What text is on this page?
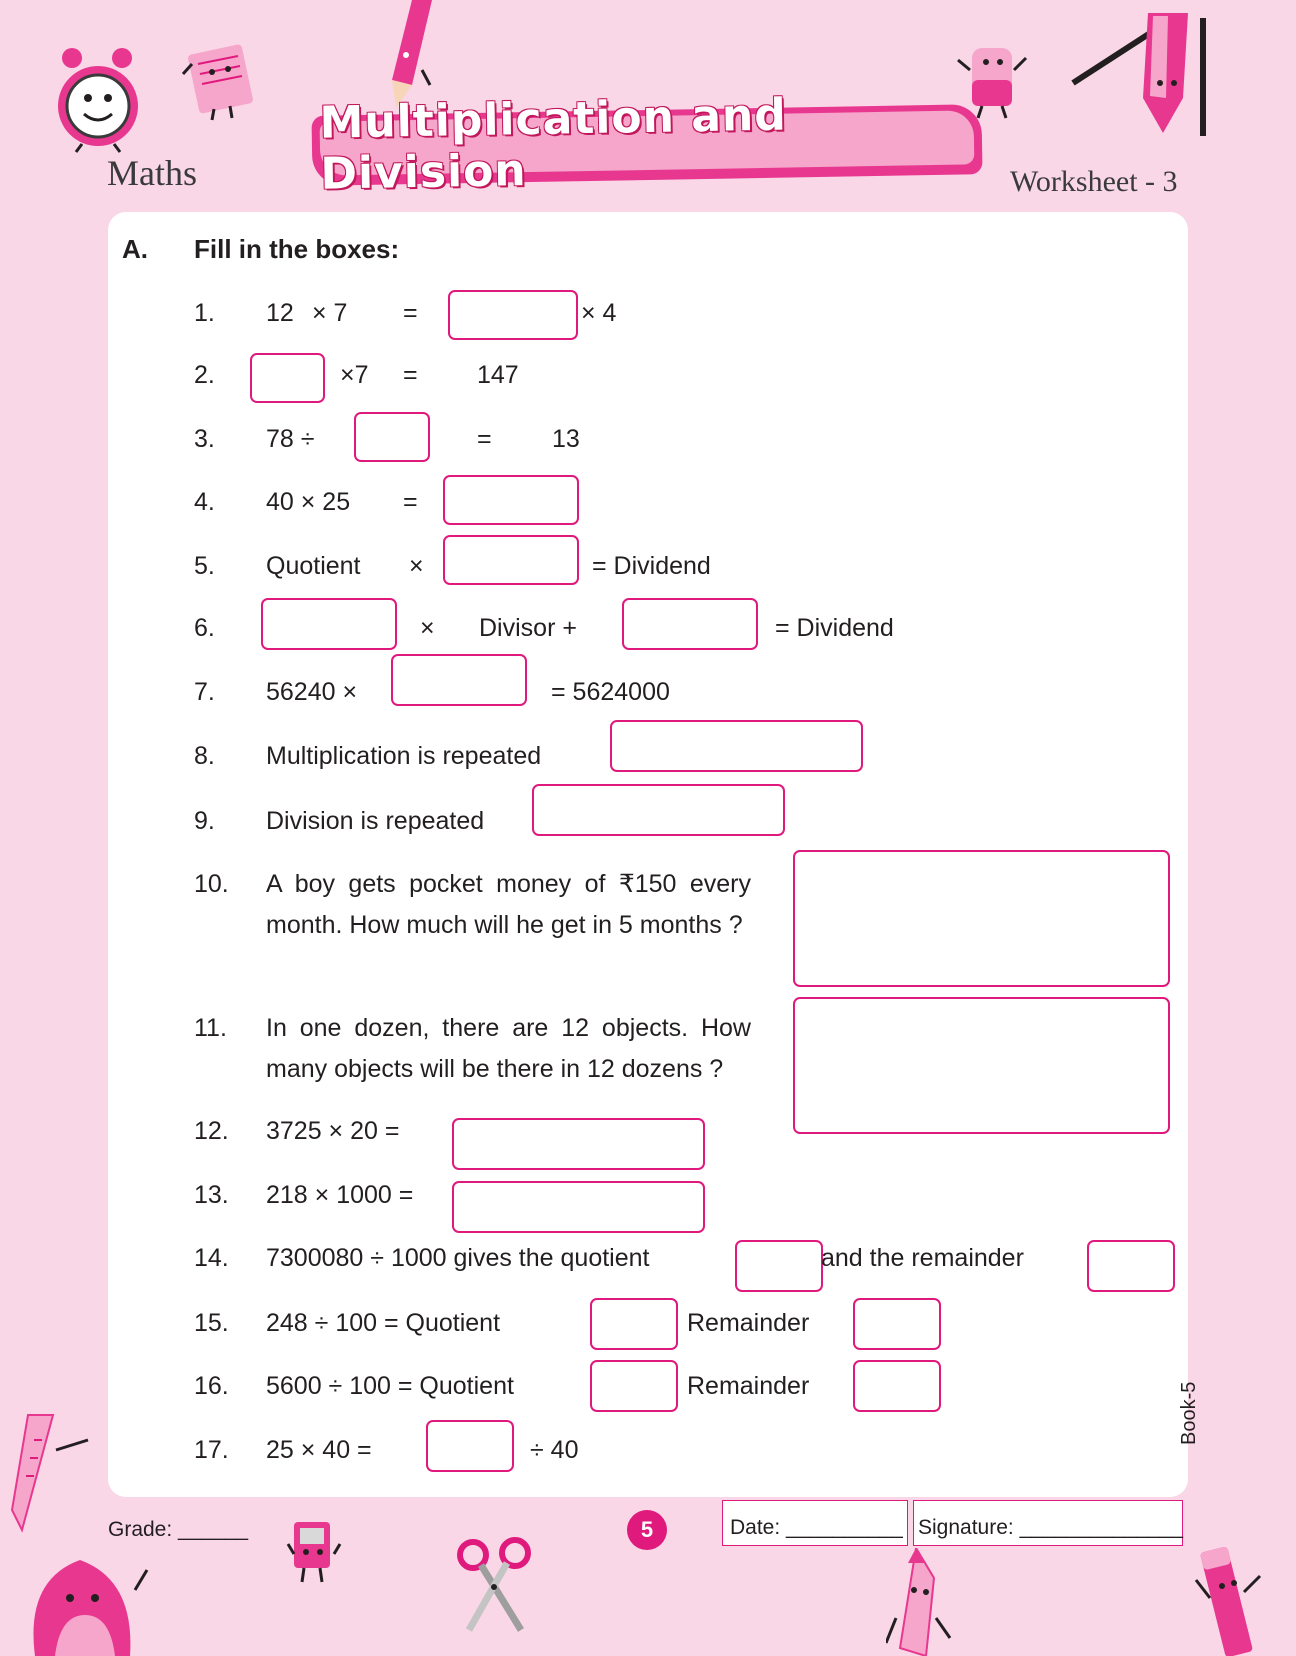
Multiplication and Division
Maths	Worksheet - 3
A. Fill in the boxes:
1. 12 × 7 =	× 4
2.	×7 = 147
3. 78 ÷	= 13
4. 40 × 25 =
5. Quotient ×	= Dividend
6.	× Divisor +	= Dividend
7. 56240 ×	= 5624000
8. Multiplication is repeated
9. Division is repeated
10. A boy gets pocket money of ₹150 every month. How much will he get in 5 months ?
11. In one dozen, there are 12 objects. How many objects will be there in 12 dozens ?
12. 3725 × 20 =
13. 218 × 1000 =
14. 7300080 ÷ 1000 gives the quotient	and the remainder
15. 248 ÷ 100 = Quotient	Remainder
16. 5600 ÷ 100 = Quotient	Remainder
17. 25 × 40 =	÷ 40
Book-5
Grade: ______	5	Date: __________ Signature: ______________
